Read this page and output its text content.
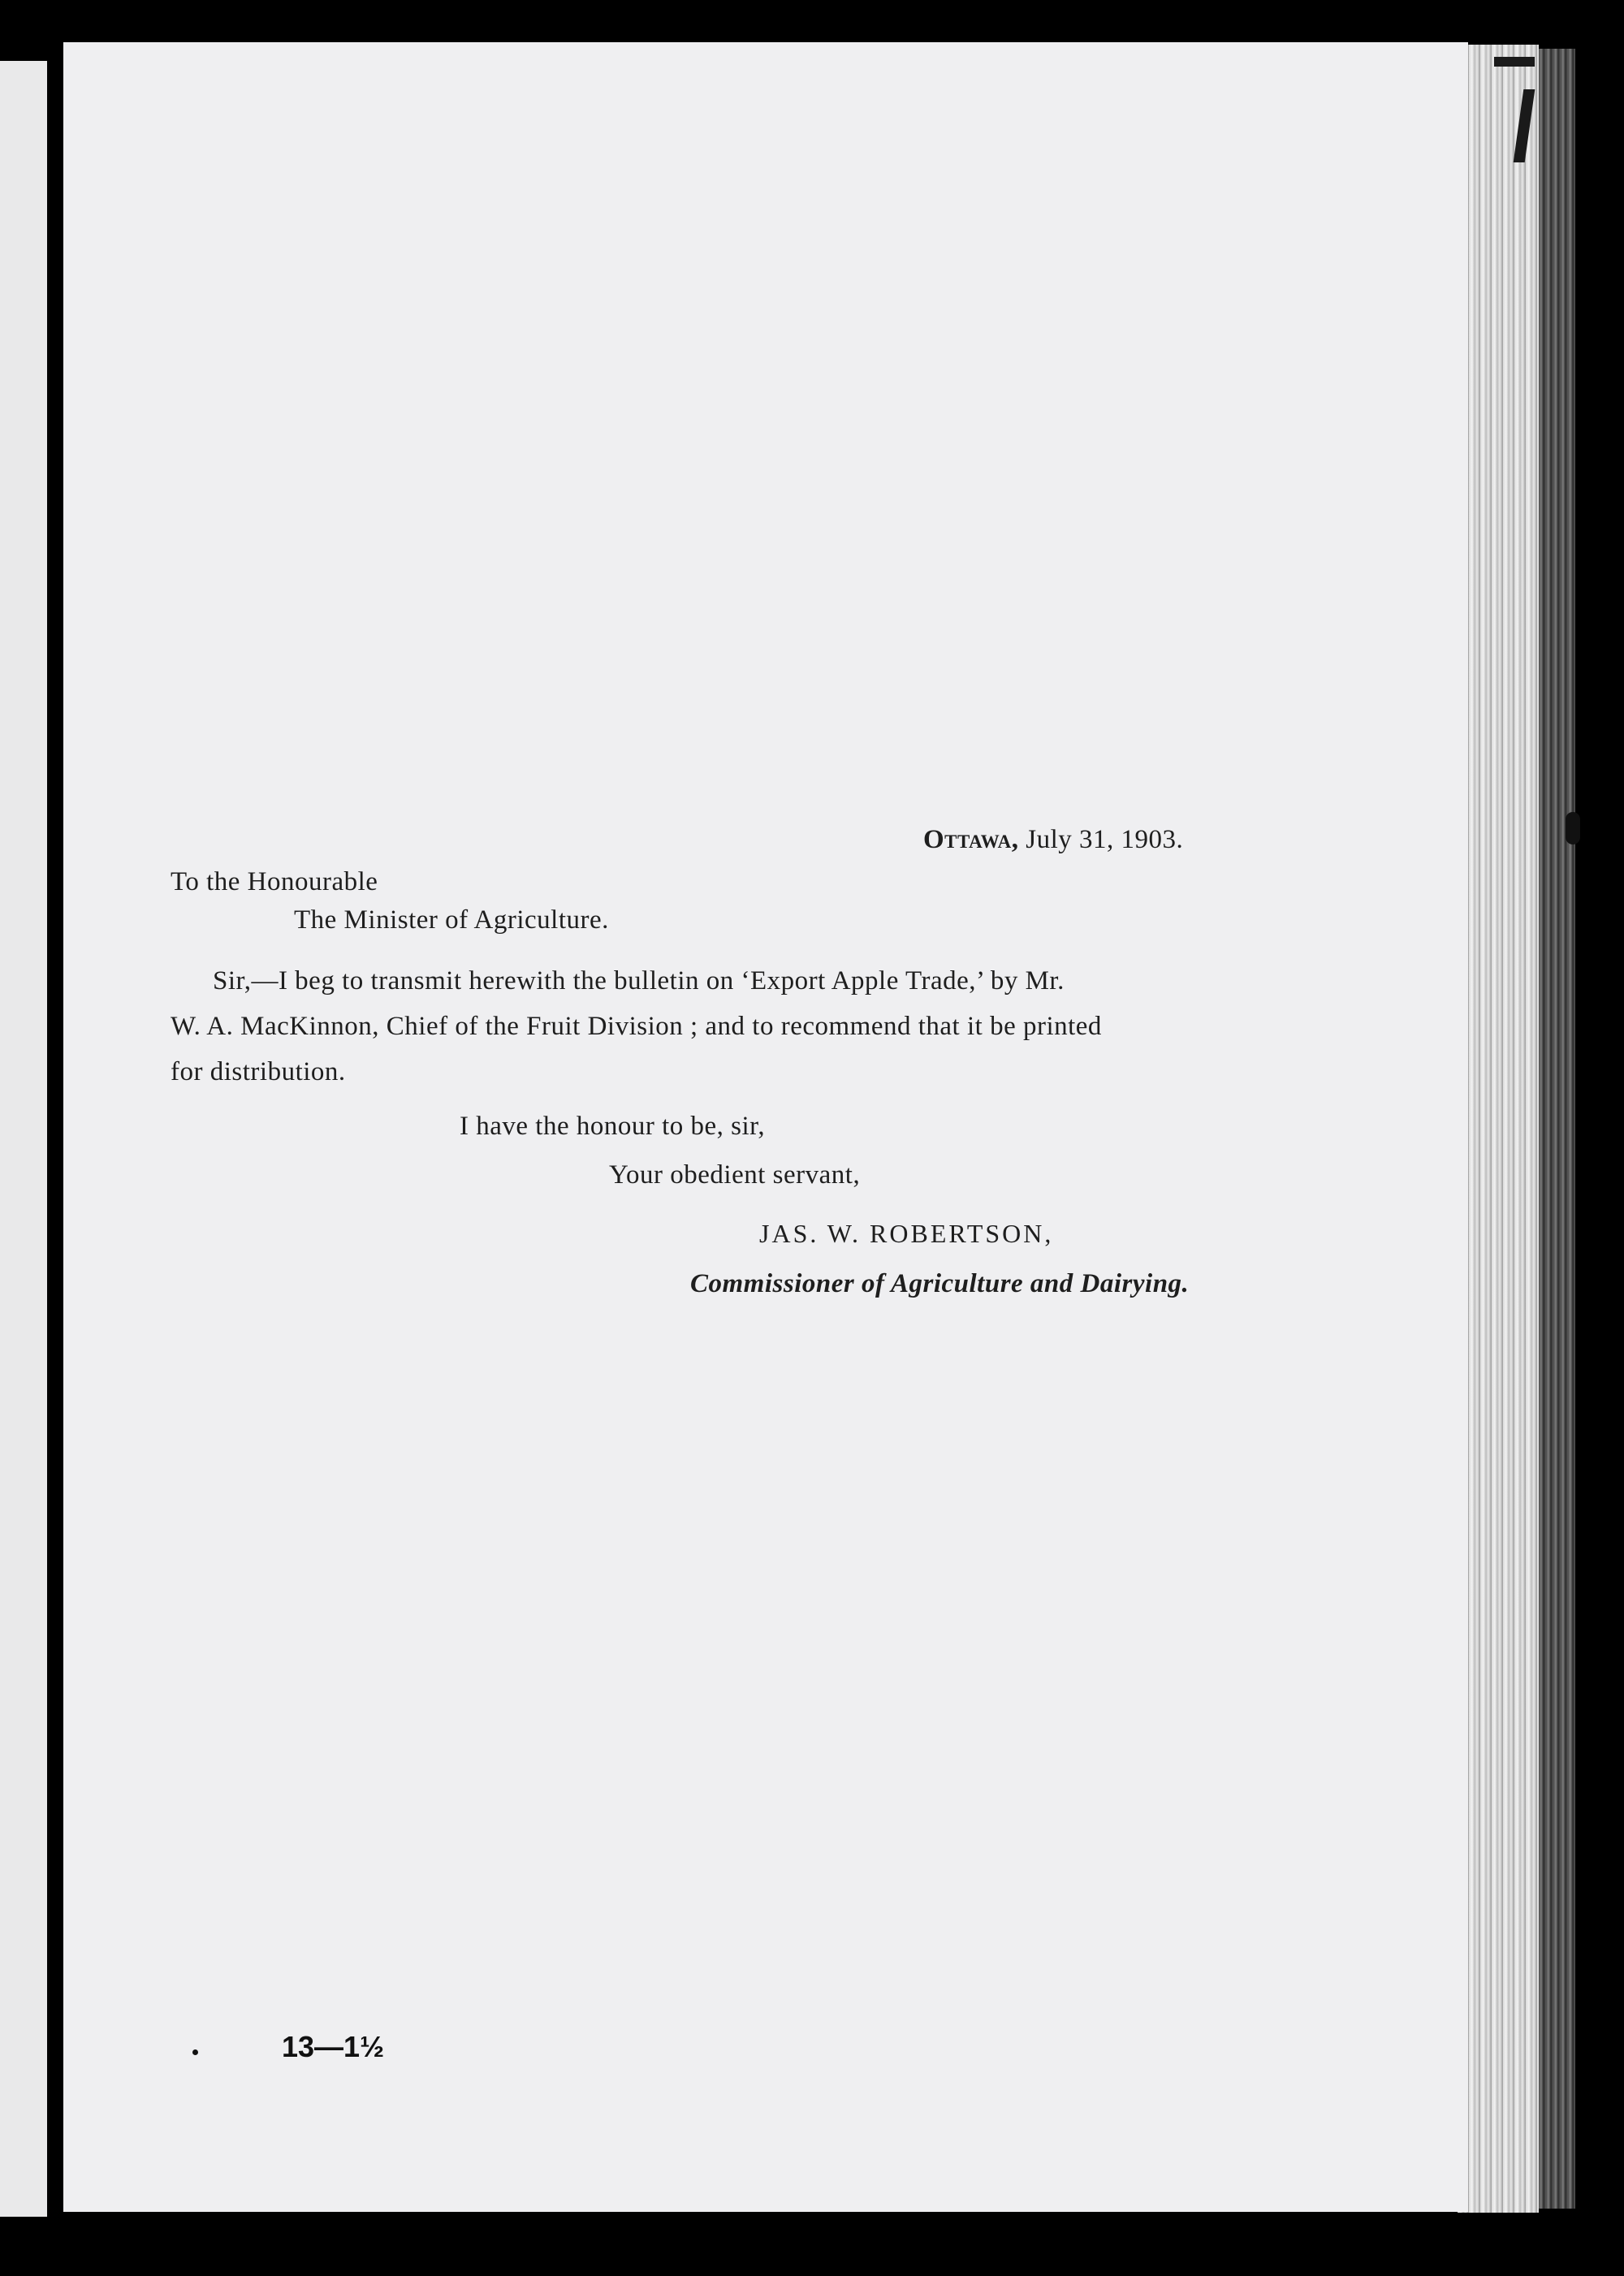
Ottawa, July 31, 1903.
To the Honourable
The Minister of Agriculture.
Sir,—I beg to transmit herewith the bulletin on ‘Export Apple Trade,’ by Mr.
W. A. MacKinnon, Chief of the Fruit Division ; and to recommend that it be printed
for distribution.
I have the honour to be, sir,
Your obedient servant,
JAS. W. ROBERTSON,
Commissioner of Agriculture and Dairying.
13—1½
